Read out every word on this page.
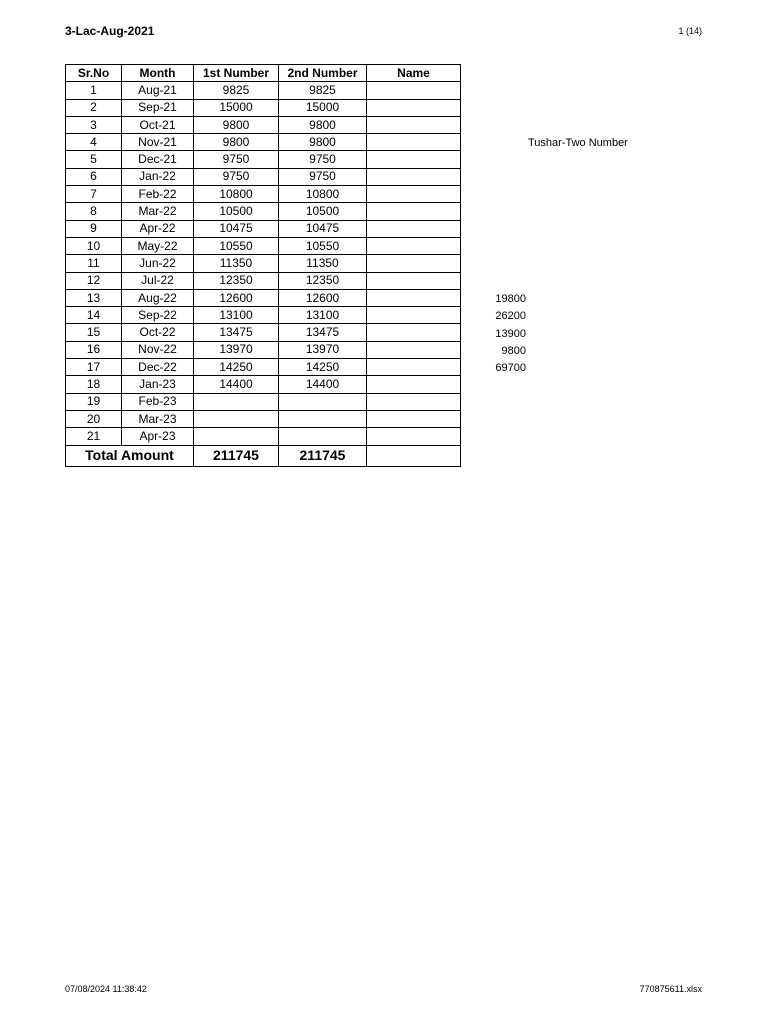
3-Lac-Aug-2021	1 (14)
Sr.No	Month	1st Number	2nd Number	Name
1	Aug-21	9825	9825	
2	Sep-21	15000	15000	
3	Oct-21	9800	9800	
4	Nov-21	9800	9800	
5	Dec-21	9750	9750	
6	Jan-22	9750	9750	
7	Feb-22	10800	10800	
8	Mar-22	10500	10500	
9	Apr-22	10475	10475	
10	May-22	10550	10550	
11	Jun-22	11350	11350	
12	Jul-22	12350	12350	
13	Aug-22	12600	12600	
14	Sep-22	13100	13100	
15	Oct-22	13475	13475	
16	Nov-22	13970	13970	
17	Dec-22	14250	14250	
18	Jan-23	14400	14400	
19	Feb-23			
20	Mar-23			
21	Apr-23			
Total Amount		211745	211745	
Tushar-Two Number
19800
26200
13900
9800
69700
07/08/2024 11:38:42	770875611.xlsx
